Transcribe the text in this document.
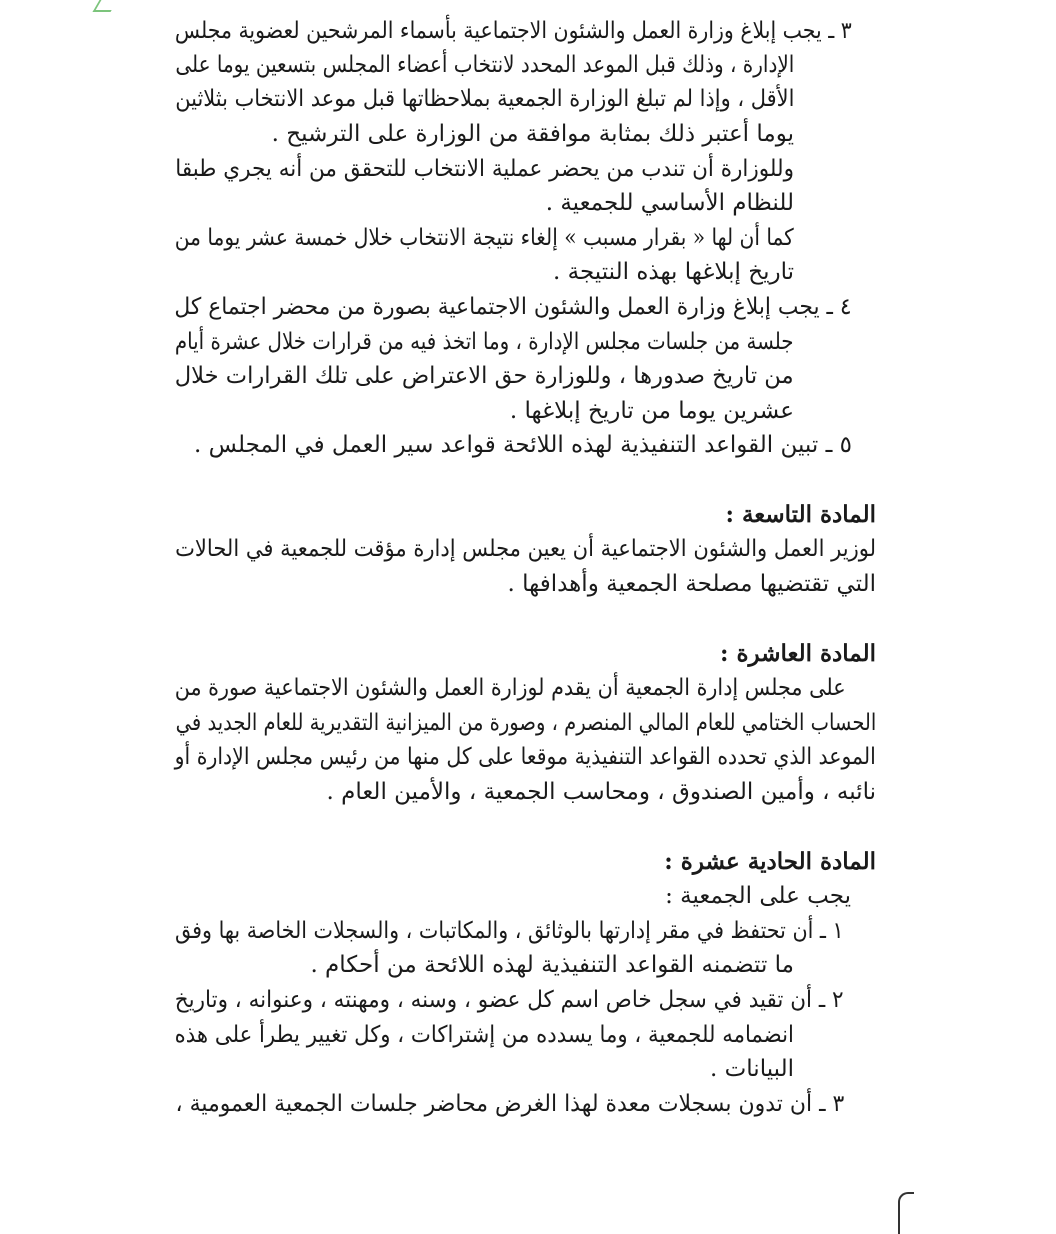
٣ ـ يجب إبلاغ وزارة العمل والشئون الاجتماعية بأسماء المرشحين لعضوية مجلس
الإدارة ، وذلك قبل الموعد المحدد لانتخاب أعضاء المجلس بتسعين يوما على
الأقل ، وإذا لم تبلغ الوزارة الجمعية بملاحظاتها قبل موعد الانتخاب بثلاثين
يوما أعتبر ذلك بمثابة موافقة من الوزارة على الترشيح .
وللوزارة أن تندب من يحضر عملية الانتخاب للتحقق من أنه يجري طبقا
للنظام الأساسي للجمعية .
كما أن لها « بقرار مسبب » إلغاء نتيجة الانتخاب خلال خمسة عشر يوما من
تاريخ إبلاغها بهذه النتيجة .
٤ ـ يجب إبلاغ وزارة العمل والشئون الاجتماعية بصورة من محضر اجتماع كل
جلسة من جلسات مجلس الإدارة ، وما اتخذ فيه من قرارات خلال عشرة أيام
من تاريخ صدورها ، وللوزارة حق الاعتراض على تلك القرارات خلال
عشرين يوما من تاريخ إبلاغها .
٥ ـ تبين القواعد التنفيذية لهذه اللائحة قواعد سير العمل في المجلس .
المادة التاسعة :
لوزير العمل والشئون الاجتماعية أن يعين مجلس إدارة مؤقت للجمعية في الحالات
التي تقتضيها مصلحة الجمعية وأهدافها .
المادة العاشرة :
على مجلس إدارة الجمعية أن يقدم لوزارة العمل والشئون الاجتماعية صورة من
الحساب الختامي للعام المالي المنصرم ، وصورة من الميزانية التقديرية للعام الجديد في
الموعد الذي تحدده القواعد التنفيذية موقعا على كل منها من رئيس مجلس الإدارة أو
نائبه ، وأمين الصندوق ، ومحاسب الجمعية ، والأمين العام .
المادة الحادية عشرة :
يجب على الجمعية :
١ ـ أن تحتفظ في مقر إدارتها بالوثائق ، والمكاتبات ، والسجلات الخاصة بها وفق
ما تتضمنه القواعد التنفيذية لهذه اللائحة من أحكام .
٢ ـ أن تقيد في سجل خاص اسم كل عضو ، وسنه ، ومهنته ، وعنوانه ، وتاريخ
انضمامه للجمعية ، وما يسدده من إشتراكات ، وكل تغيير يطرأ على هذه
البيانات .
٣ ـ أن تدون بسجلات معدة لهذا الغرض محاضر جلسات الجمعية العمومية ،
